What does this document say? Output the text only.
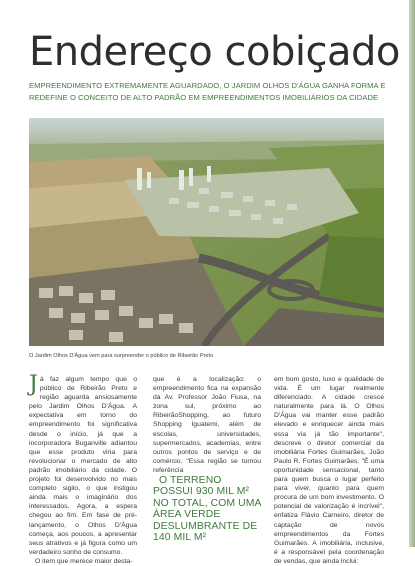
Endereço cobiçado

EMPREENDIMENTO EXTREMAMENTE AGUARDADO, O JARDIM OLHOS D'ÁGUA GANHA FORMA E REDEFINE O CONCEITO DE ALTO PADRÃO EM EMPREENDIMENTOS IMOBILIÁRIOS DA CIDADE

O Jardim Olhos D'Água vem para surpreender o público de Ribeirão Preto

Já faz algum tempo que o público de Ribeirão Preto e região aguarda ansiosamente pelo Jardim Olhos D'Água. A expectativa em torno do empreendimento foi significativa desde o início, já que a incorporadora Buganville adiantou que esse produto viria para revolucionar o mercado de alto padrão imobiliário da cidade. O projeto foi desenvolvido no mais completo sigilo, o que instigou ainda mais o imaginário dos interessados. Agora, a espera chegou ao fim. Em fase de pré-lançamento, o Olhos D'Água começa, aos poucos, a apresentar seus atrativos e já figura como um verdadeiro sonho de consumo.

O item que merece maior desta-

que é a localização: o empreendimento fica na expansão da Av. Professor João Fiusa, na zona sul, próximo ao RibeirãoShopping, ao futuro Shopping Iguatemi, além de escolas, universidades, supermercados, academias, entre outros pontos de serviço e de comércio. "Essa região se tornou referência

O TERRENO POSSUI 930 MIL M² NO TOTAL, COM UMA ÁREA VERDE DESLUMBRANTE DE 140 MIL M²

em bom gosto, luxo e qualidade de vida. É um lugar realmente diferenciado. A cidade cresce naturalmente para lá. O Olhos D'Água vai manter esse padrão elevado e enriquecer ainda mais essa via já tão importante", descreve o diretor comercial da imobiliária Fortes Guimarães, João Paulo R. Fortes Guimarães. "É uma oportunidade sensacional, tanto para quem busca o lugar perfeito para viver, quanto para quem procura de um bom investimento. O potencial de valorização é incrível", enfatiza Flávio Carneiro, diretor de captação de novos empreendimentos da Fortes Guimarães. A imobiliária, inclusive, é a responsável pela coordenação de vendas, que ainda inclui:
